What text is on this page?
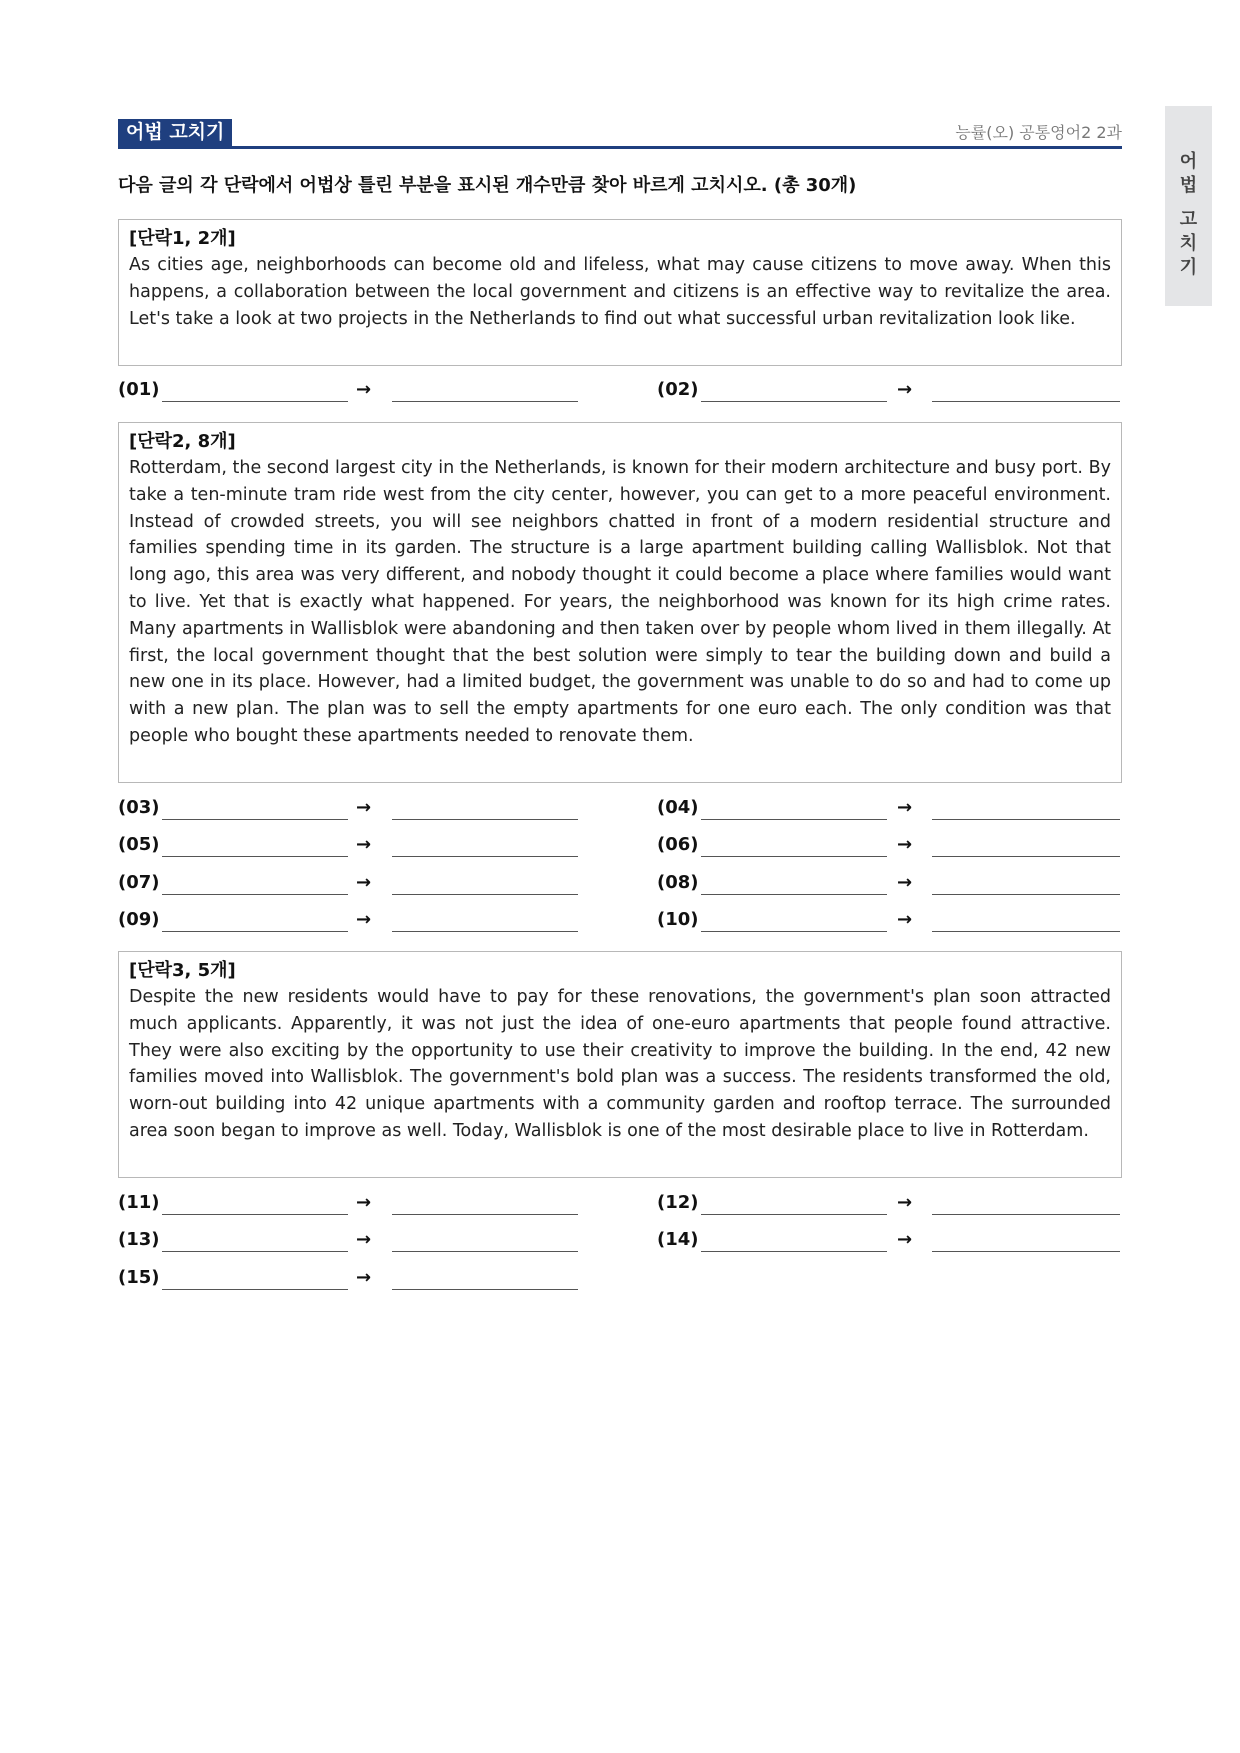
어법 고치기	능률(오) 공통영어2 2과
어
법
고
치
기
다음 글의 각 단락에서 어법상 틀린 부분을 표시된 개수만큼 찾아 바르게 고치시오. (총 30개)
[단락1, 2개]
As cities age, neighborhoods can become old and lifeless, what may cause citizens to move away. When this happens, a collaboration between the local government and citizens is an effective way to revitalize the area. Let's take a look at two projects in the Netherlands to find out what successful urban revitalization look like.
[단락2, 8개]
Rotterdam, the second largest city in the Netherlands, is known for their modern architecture and busy port. By take a ten-minute tram ride west from the city center, however, you can get to a more peaceful environment. Instead of crowded streets, you will see neighbors chatted in front of a modern residential structure and families spending time in its garden. The structure is a large apartment building calling Wallisblok. Not that long ago, this area was very different, and nobody thought it could become a place where families would want to live. Yet that is exactly what happened. For years, the neighborhood was known for its high crime rates. Many apartments in Wallisblok were abandoning and then taken over by people whom lived in them illegally. At first, the local government thought that the best solution were simply to tear the building down and build a new one in its place. However, had a limited budget, the government was unable to do so and had to come up with a new plan. The plan was to sell the empty apartments for one euro each. The only condition was that people who bought these apartments needed to renovate them.
[단락3, 5개]
Despite the new residents would have to pay for these renovations, the government's plan soon attracted much applicants. Apparently, it was not just the idea of one-euro apartments that people found attractive. They were also exciting by the opportunity to use their creativity to improve the building. In the end, 42 new families moved into Wallisblok. The government's bold plan was a success. The residents transformed the old, worn-out building into 42 unique apartments with a community garden and rooftop terrace. The surrounded area soon began to improve as well. Today, Wallisblok is one of the most desirable place to live in Rotterdam.
(01)	→	(02)	→
(03)	→	(04)	→
(05)	→	(06)	→
(07)	→	(08)	→
(09)	→	(10)	→
(11)	→	(12)	→
(13)	→	(14)	→
(15)	→
